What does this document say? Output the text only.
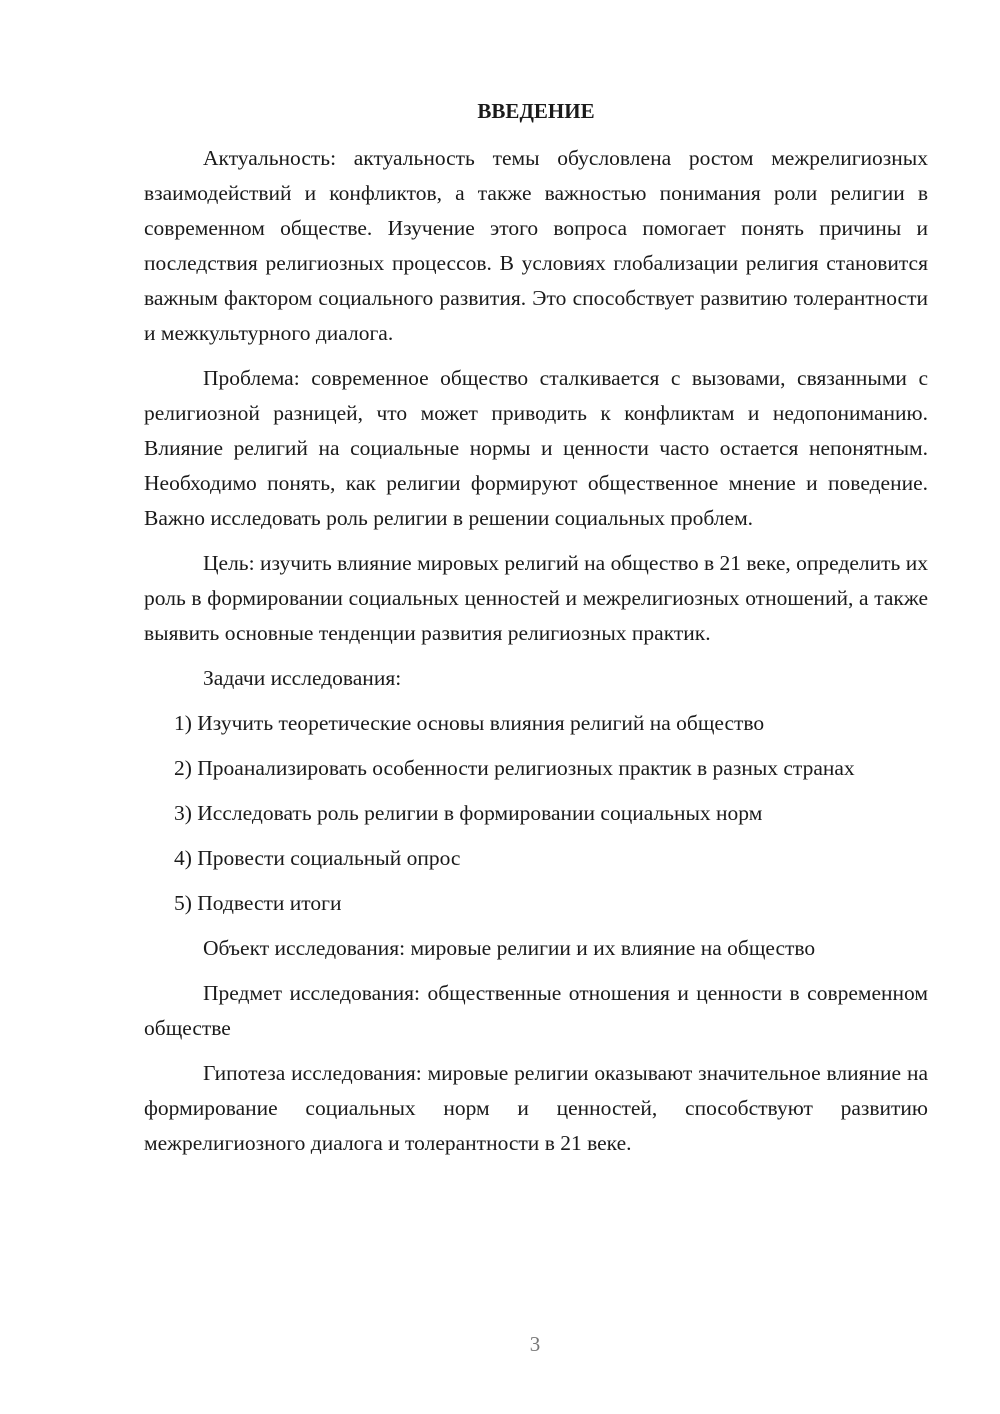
ВВЕДЕНИЕ

Актуальность: актуальность темы обусловлена ростом межрелигиозных взаимодействий и конфликтов, а также важностью понимания роли религии в современном обществе. Изучение этого вопроса помогает понять причины и последствия религиозных процессов. В условиях глобализации религия становится важным фактором социального развития. Это способствует развитию толерантности и межкультурного диалога.

Проблема: современное общество сталкивается с вызовами, связанными с религиозной разницей, что может приводить к конфликтам и недопониманию. Влияние религий на социальные нормы и ценности часто остается непонятным. Необходимо понять, как религии формируют общественное мнение и поведение. Важно исследовать роль религии в решении социальных проблем.

Цель: изучить влияние мировых религий на общество в 21 веке, определить их роль в формировании социальных ценностей и межрелигиозных отношений, а также выявить основные тенденции развития религиозных практик.

Задачи исследования:

1) Изучить теоретические основы влияния религий на общество

2) Проанализировать особенности религиозных практик в разных странах

3) Исследовать роль религии в формировании социальных норм

4) Провести социальный опрос

5) Подвести итоги

Объект исследования: мировые религии и их влияние на общество

Предмет исследования: общественные отношения и ценности в современном обществе

Гипотеза исследования: мировые религии оказывают значительное влияние на формирование социальных норм и ценностей, способствуют развитию межрелигиозного диалога и толерантности в 21 веке.

3
